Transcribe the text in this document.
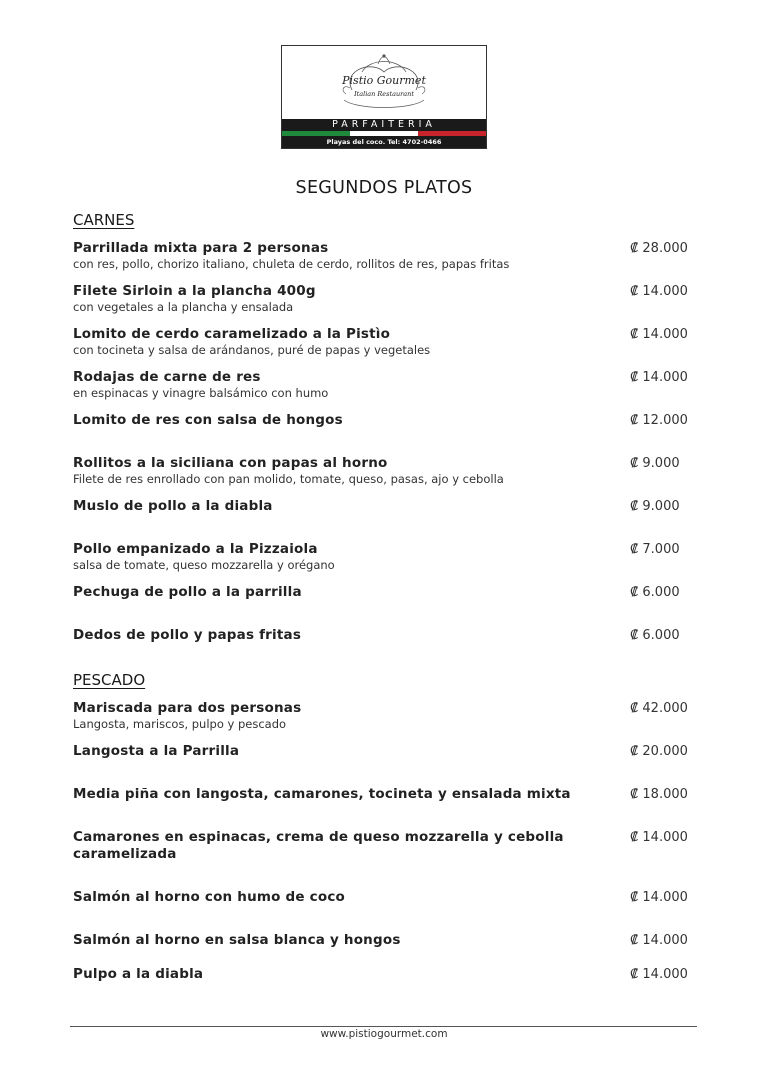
Pistio Gourmet
Italian Restaurant
PARFAITERIA
Playas del coco. Tel: 4702-0466
SEGUNDOS PLATOS
CARNES
Parrillada mixta para 2 personas
con res, pollo, chorizo italiano, chuleta de cerdo, rollitos de res, papas fritas
₡ 28.000
Filete Sirloin a la plancha 400g
con vegetales a la plancha y ensalada
₡ 14.000
Lomito de cerdo caramelizado a la Pistìo
con tocineta y salsa de arándanos, puré de papas y vegetales
₡ 14.000
Rodajas de carne de res
en espinacas y vinagre balsámico con humo
₡ 14.000
Lomito de res con salsa de hongos	₡ 12.000
Rollitos a la siciliana con papas al horno
Filete de res enrollado con pan molido, tomate, queso, pasas, ajo y cebolla
₡ 9.000
Muslo de pollo a la diabla	₡ 9.000
Pollo empanizado a la Pizzaiola
salsa de tomate, queso mozzarella y orégano
₡ 7.000
Pechuga de pollo a la parrilla	₡ 6.000
Dedos de pollo y papas fritas	₡ 6.000
PESCADO
Mariscada para dos personas
Langosta, mariscos, pulpo y pescado
₡ 42.000
Langosta a la Parrilla	₡ 20.000
Media piña con langosta, camarones, tocineta y ensalada mixta	₡ 18.000
Camarones en espinacas, crema de queso mozzarella y cebolla caramelizada
₡ 14.000
Salmón al horno con humo de coco	₡ 14.000
Salmón al horno en salsa blanca y hongos	₡ 14.000
Pulpo a la diabla	₡ 14.000
www.pistiogourmet.com
